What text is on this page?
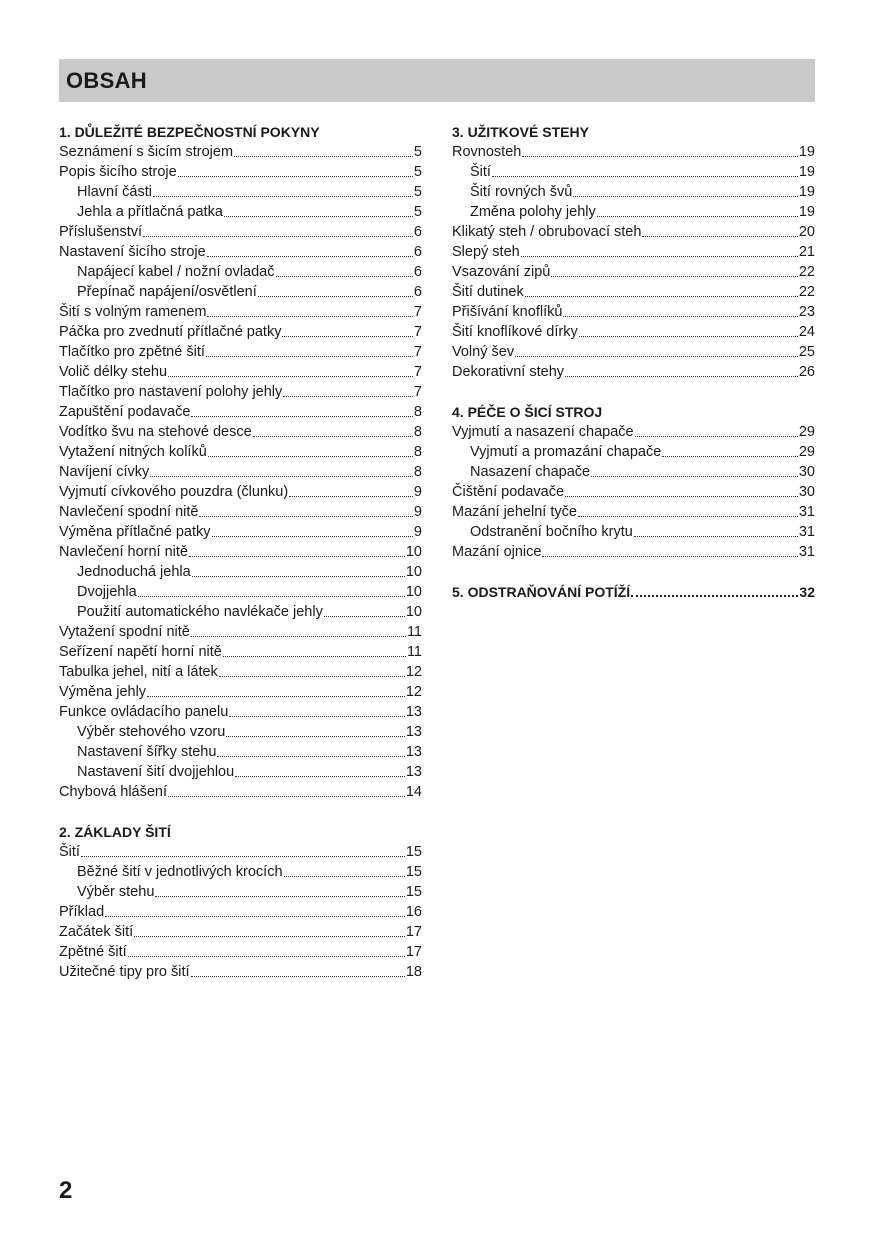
OBSAH
1. DŮLEŽITÉ BEZPEČNOSTNÍ POKYNY
Seznámení s šicím strojem	5
Popis šicího stroje	5
Hlavní části	5
Jehla a přítlačná patka	5
Příslušenství	6
Nastavení šicího stroje	6
Napájecí kabel / nožní ovladač	6
Přepínač napájení/osvětlení	6
Šití s volným ramenem	7
Páčka pro zvednutí přítlačné patky	7
Tlačítko pro zpětné šití	7
Volič délky stehu	7
Tlačítko pro nastavení polohy jehly	7
Zapuštění podavače	8
Vodítko švu na stehové desce	8
Vytažení nitných kolíků	8
Navíjení cívky	8
Vyjmutí cívkového pouzdra (člunku)	9
Navlečení spodní nitě	9
Výměna přítlačné patky	9
Navlečení horní nitě	10
Jednoduchá jehla	10
Dvojjehla	10
Použití automatického navlékače jehly	10
Vytažení spodní nitě	11
Seřízení napětí horní nitě	11
Tabulka jehel, nití a látek	12
Výměna jehly	12
Funkce ovládacího panelu	13
Výběr stehového vzoru	13
Nastavení šířky stehu	13
Nastavení šití dvojjehlou	13
Chybová hlášení	14
2. ZÁKLADY ŠITÍ
Šití	15
Běžné šití v jednotlivých krocích	15
Výběr stehu	15
Příklad	16
Začátek šití	17
Zpětné šití	17
Užitečné tipy pro šití	18
3. UŽITKOVÉ STEHY
Rovnosteh	19
Šití	19
Šití rovných švů	19
Změna polohy jehly	19
Klikatý steh / obrubovací steh	20
Slepý steh	21
Vsazování zipů	22
Šití dutinek	22
Přišívání knoflíků	23
Šití knoflíkové dírky	24
Volný šev	25
Dekorativní stehy	26
4. PÉČE O ŠICÍ STROJ
Vyjmutí a nasazení chapače	29
Vyjmutí a promazání chapače	29
Nasazení chapače	30
Čištění podavače	30
Mazání jehelní tyče	31
Odstranění bočního krytu	31
Mazání ojnice	31
5. ODSTRAŇOVÁNÍ POTÍŽÍ	32
2
